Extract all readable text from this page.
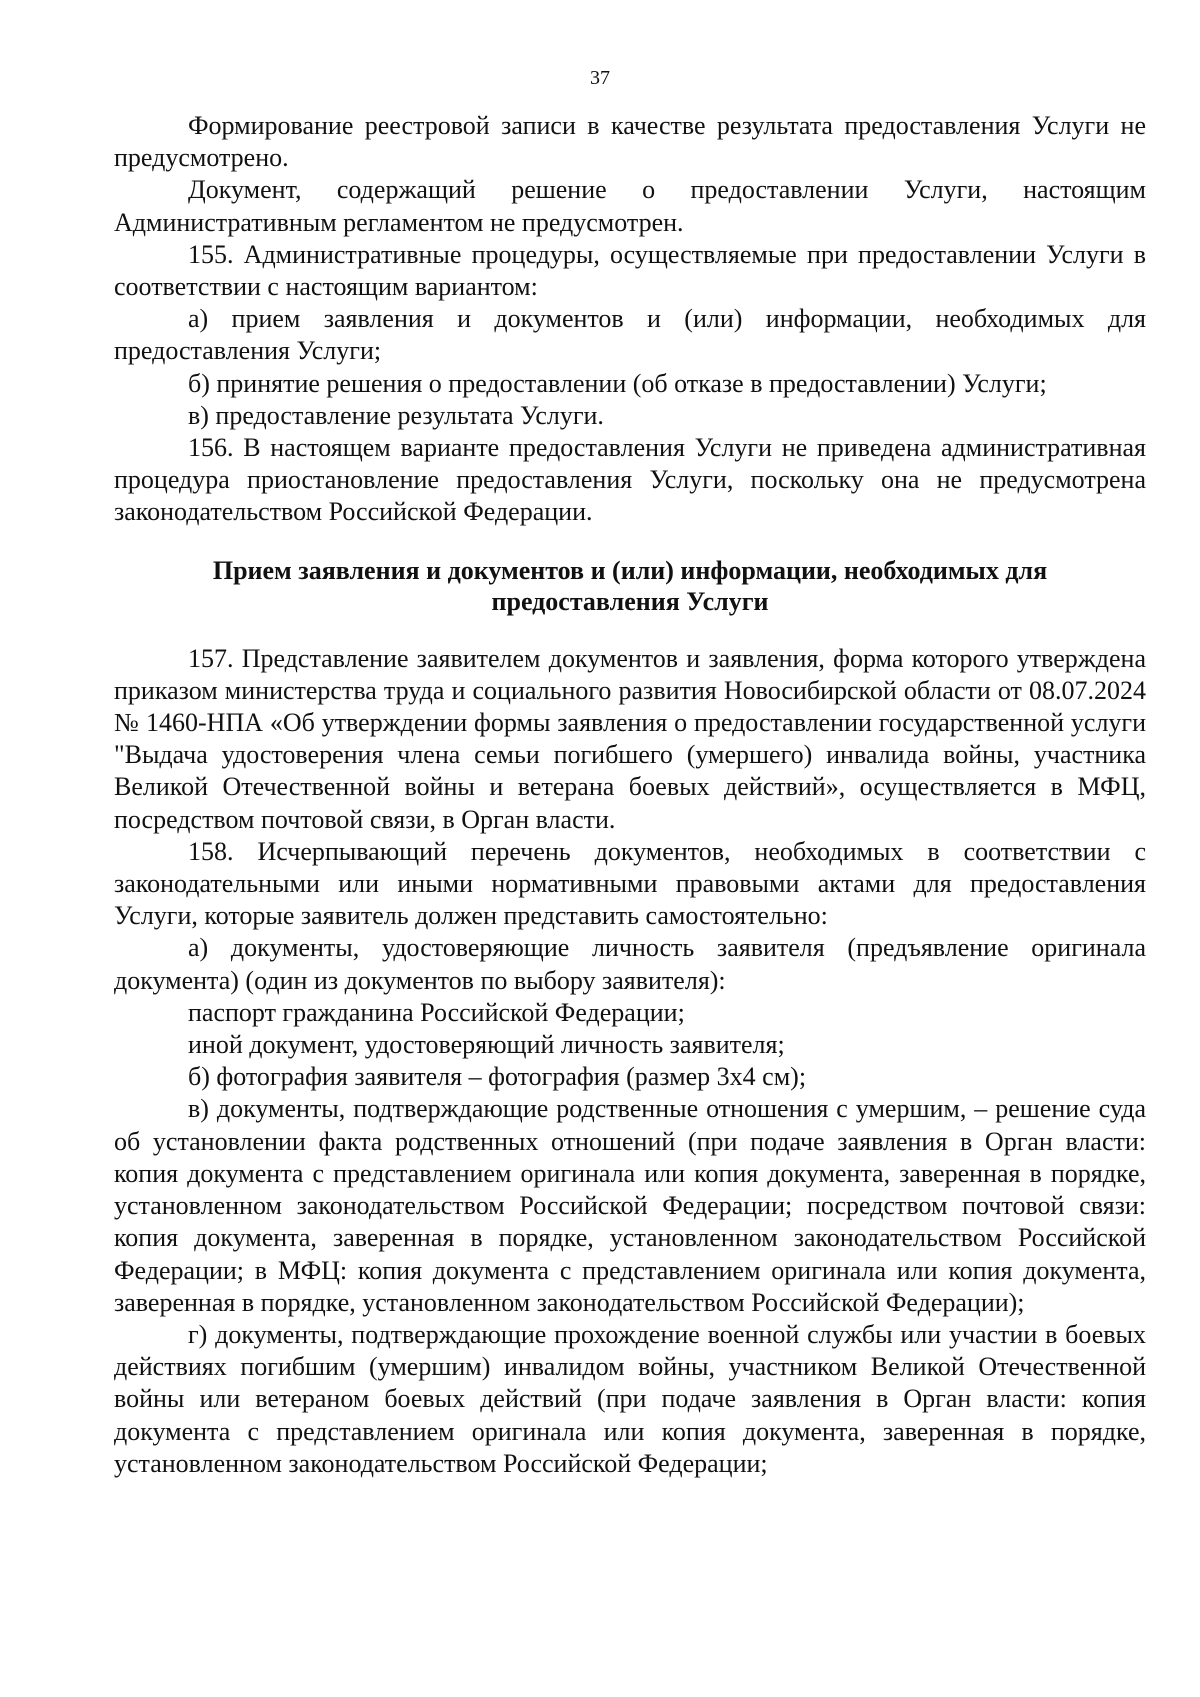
37

Формирование реестровой записи в качестве результата предоставления Услуги не предусмотрено.

Документ, содержащий решение о предоставлении Услуги, настоящим Административным регламентом не предусмотрен.

155. Административные процедуры, осуществляемые при предоставлении Услуги в соответствии с настоящим вариантом:

а) прием заявления и документов и (или) информации, необходимых для предоставления Услуги;

б) принятие решения о предоставлении (об отказе в предоставлении) Услуги;

в) предоставление результата Услуги.

156. В настоящем варианте предоставления Услуги не приведена административная процедура приостановление предоставления Услуги, поскольку она не предусмотрена законодательством Российской Федерации.

Прием заявления и документов и (или) информации, необходимых для
предоставления Услуги

157. Представление заявителем документов и заявления, форма которого утверждена приказом министерства труда и социального развития Новосибирской области от 08.07.2024 № 1460-НПА «Об утверждении формы заявления о предоставлении государственной услуги "Выдача удостоверения члена семьи погибшего (умершего) инвалида войны, участника Великой Отечественной войны и ветерана боевых действий», осуществляется в МФЦ, посредством почтовой связи, в Орган власти.

158. Исчерпывающий перечень документов, необходимых в соответствии с законодательными или иными нормативными правовыми актами для предоставления Услуги, которые заявитель должен представить самостоятельно:

а) документы, удостоверяющие личность заявителя (предъявление оригинала документа) (один из документов по выбору заявителя):

паспорт гражданина Российской Федерации;

иной документ, удостоверяющий личность заявителя;

б) фотография заявителя – фотография (размер 3x4 см);

в) документы, подтверждающие родственные отношения с умершим, – решение суда об установлении факта родственных отношений (при подаче заявления в Орган власти: копия документа с представлением оригинала или копия документа, заверенная в порядке, установленном законодательством Российской Федерации; посредством почтовой связи: копия документа, заверенная в порядке, установленном законодательством Российской Федерации; в МФЦ: копия документа с представлением оригинала или копия документа, заверенная в порядке, установленном законодательством Российской Федерации);

г) документы, подтверждающие прохождение военной службы или участии в боевых действиях погибшим (умершим) инвалидом войны, участником Великой Отечественной войны или ветераном боевых действий (при подаче заявления в Орган власти: копия документа с представлением оригинала или копия документа, заверенная в порядке, установленном законодательством Российской Федерации;
